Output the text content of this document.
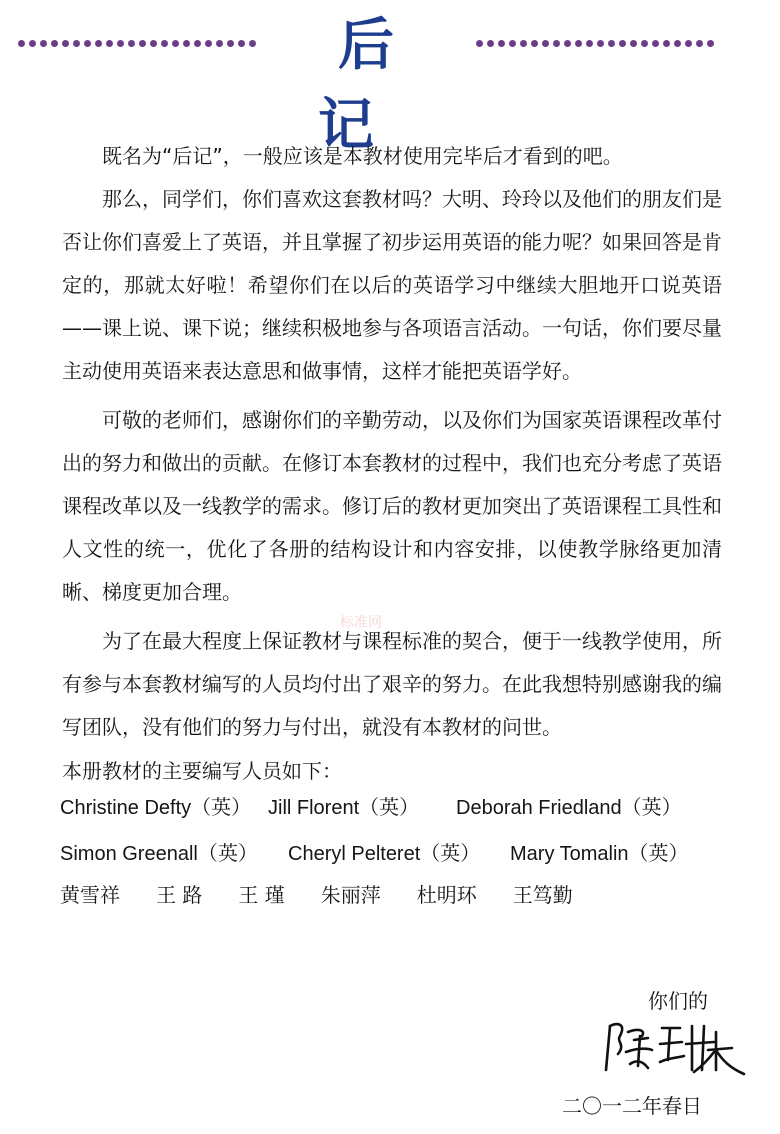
后 记

既名为“后记”，一般应该是本教材使用完毕后才看到的吧。

那么，同学们，你们喜欢这套教材吗？大明、玲玲以及他们的朋友们是否让你们喜爱上了英语，并且掌握了初步运用英语的能力呢？如果回答是肯定的，那就太好啦！希望你们在以后的英语学习中继续大胆地开口说英语——课上说、课下说；继续积极地参与各项语言活动。一句话，你们要尽量主动使用英语来表达意思和做事情，这样才能把英语学好。

可敬的老师们，感谢你们的辛勤劳动，以及你们为国家英语课程改革付出的努力和做出的贡献。在修订本套教材的过程中，我们也充分考虑了英语课程改革以及一线教学的需求。修订后的教材更加突出了英语课程工具性和人文性的统一，优化了各册的结构设计和内容安排，以使教学脉络更加清晰、梯度更加合理。

为了在最大程度上保证教材与课程标准的契合，便于一线教学使用，所有参与本套教材编写的人员均付出了艰辛的努力。在此我想特别感谢我的编写团队，没有他们的努力与付出，就没有本教材的问世。

标准网
本册教材的主要编写人员如下：
Christine Defty（英） Jill Florent（英） Deborah Friedland（英）
Simon Greenall（英） Cheryl Pelteret（英） Mary Tomalin（英）
黄雪祥 王 路 王 瑾 朱丽萍 杜明环 王笃勤
你们的
二〇一二年春日
